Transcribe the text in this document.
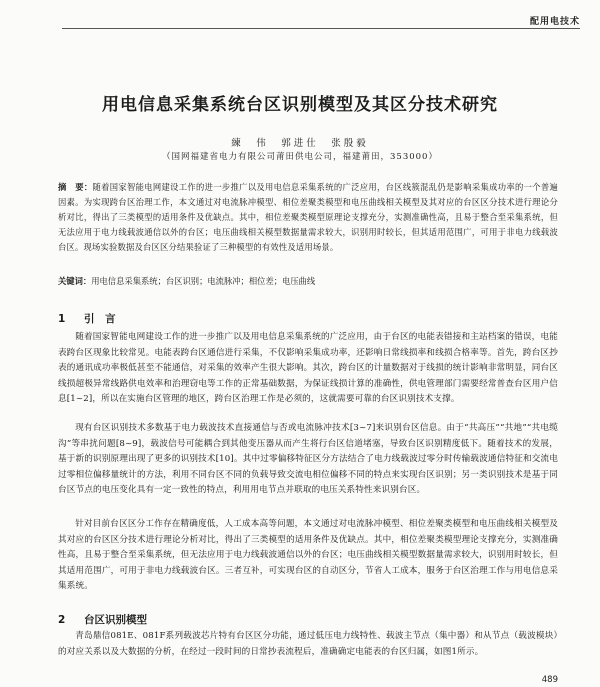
配用电技术
用电信息采集系统台区识别模型及其区分技术研究
練　伟　郭进仕　张殷毅
（国网福建省电力有限公司莆田供电公司，福建莆田，353000）
摘　要：随着国家智能电网建设工作的进一步推广以及用电信息采集系统的广泛应用，台区线簇混乱仍是影响采集成功率的一个普遍因素。为实现跨台区治理工作，本文通过对电流脉冲模型、相位差聚类模型和电压曲线相关模型及其对应的台区区分技术进行理论分析对比，得出了三类模型的适用条件及优缺点。其中，相位差聚类模型原理论支撑充分，实测准确性高，且易于整合至采集系统，但无法应用于电力线载波通信以外的台区；电压曲线相关模型数据量需求较大，识别用时较长，但其适用范围广，可用于非电力线载波台区。现场实验数据及台区区分结果验证了三种模型的有效性及适用场景。
关键词：用电信息采集系统；台区识别；电流脉冲；相位差；电压曲线
1 引　言
随着国家智能电网建设工作的进一步推广以及用电信息采集系统的广泛应用，由于台区的电能表错接和主站档案的错误，电能表跨台区现象比较常见。电能表跨台区通信进行采集，不仅影响采集成功率，还影响日常线损率和线损合格率等。首先，跨台区抄表的通讯成功率极低甚至不能通信，对采集的效率产生很大影响。其次，跨台区的计量数据对于线损的统计影响非常明显，同台区线损超极异常线路供电效率和治理窃电等工作的正常基础数据，为保证线损计算的准确性，供电管理部门需要经常普查台区用户信息[1~2]，所以在实施台区管理的地区，跨台区治理工作是必须的，这就需要可靠的台区识别技术支撑。
现有台区识别技术多数基于电力载波技术直接通信与否或电流脉冲技术[3~7]来识别台区信息。由于“共高压”“共地”“共电缆沟”等串扰问题[8~9]，载波信号可能耦合到其他变压器从而产生将行台区信道堵塞，导致台区识别精度低下。随着技术的发展，基于新的识别原理出现了更多的识别技术[10]。其中过零偏移特征区分方法结合了电力线载波过零分时传输载波通信特征和交流电过零相位偏移量统计的方法，利用不同台区不同的负载导致交流电相位偏移不同的特点来实现台区识别；另一类识别技术是基于同台区节点的电压变化具有一定一致性的特点，利用用电节点并联取的电压关系特性来识别台区。
针对目前台区区分工作存在精确度低，人工成本高等问题，本文通过对电流脉冲模型、相位差聚类模型和电压曲线相关模型及其对应的台区区分技术进行理论分析对比，得出了三类模型的适用条件及优缺点。其中，相位差聚类模型理论支撑充分，实测准确性高，且易于整合至采集系统，但无法应用于电力线载波通信以外的台区；电压曲线相关模型数据量需求较大，识别用时较长，但其适用范围广，可用于非电力线载波台区。三者互补，可实现台区的自动区分，节省人工成本，服务于台区治理工作与用电信息采集系统。
2 台区识别模型
青岛鼎信081E、081F系列载波芯片特有台区区分功能，通过低压电力线特性、载波主节点（集中器）和从节点（载波模块）的对应关系以及大数据的分析，在经过一段时间的日常抄表流程后，准确确定电能表的台区归属，如图1所示。
489
